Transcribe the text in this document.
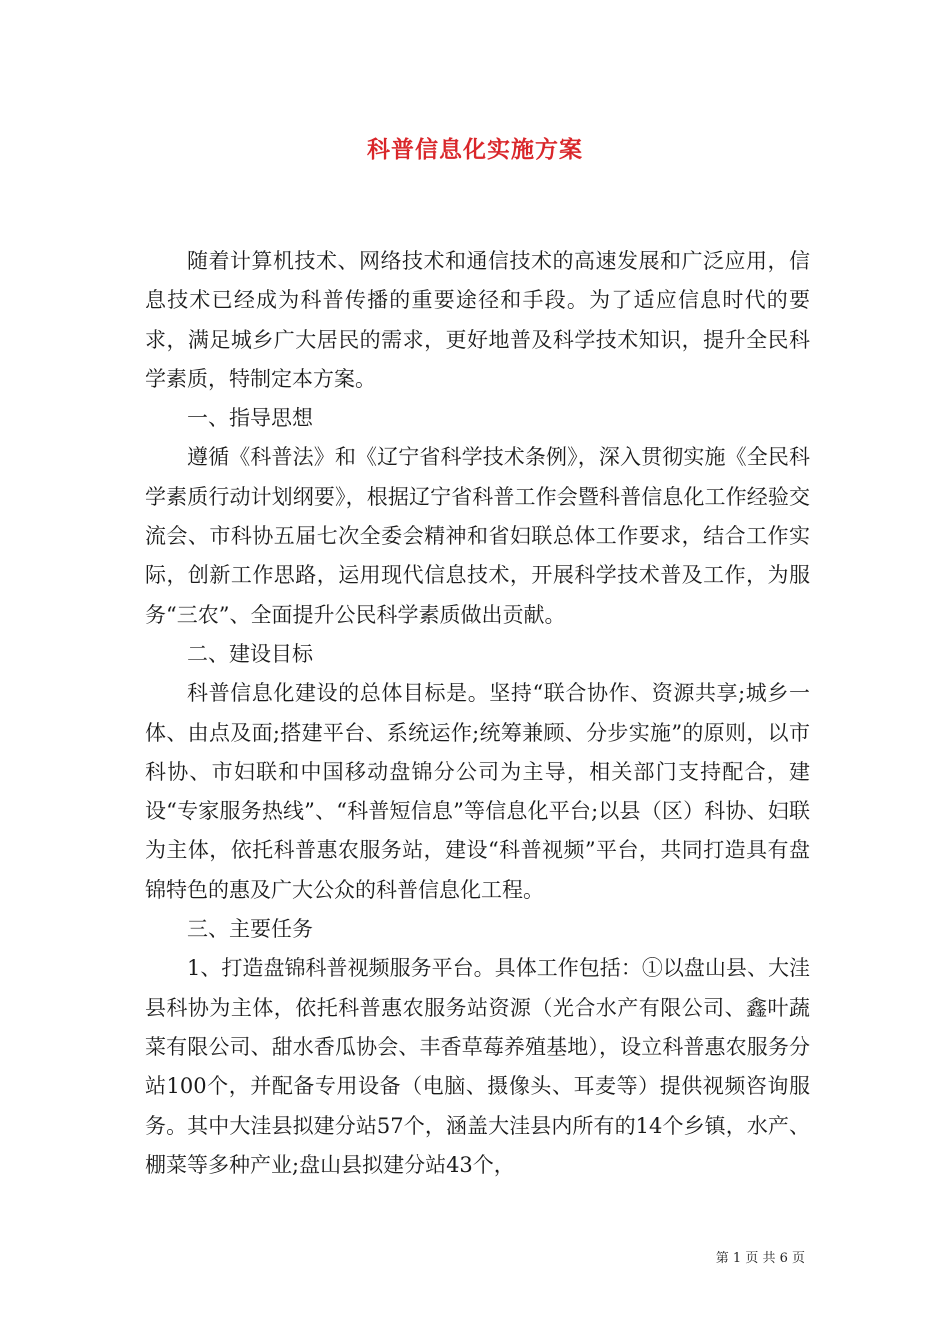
科普信息化实施方案

随着计算机技术、网络技术和通信技术的高速发展和广泛应用，信息技术已经成为科普传播的重要途径和手段。为了适应信息时代的要求，满足城乡广大居民的需求，更好地普及科学技术知识，提升全民科学素质，特制定本方案。

一、指导思想

遵循《科普法》和《辽宁省科学技术条例》，深入贯彻实施《全民科学素质行动计划纲要》，根据辽宁省科普工作会暨科普信息化工作经验交流会、市科协五届七次全委会精神和省妇联总体工作要求，结合工作实际，创新工作思路，运用现代信息技术，开展科学技术普及工作，为服务“三农”、全面提升公民科学素质做出贡献。

二、建设目标

科普信息化建设的总体目标是。坚持“联合协作、资源共享;城乡一体、由点及面;搭建平台、系统运作;统筹兼顾、分步实施”的原则，以市科协、市妇联和中国移动盘锦分公司为主导，相关部门支持配合，建设“专家服务热线”、“科普短信息”等信息化平台;以县（区）科协、妇联为主体，依托科普惠农服务站，建设“科普视频”平台，共同打造具有盘锦特色的惠及广大公众的科普信息化工程。

三、主要任务

1、打造盘锦科普视频服务平台。具体工作包括：①以盘山县、大洼县科协为主体，依托科普惠农服务站资源（光合水产有限公司、鑫叶蔬菜有限公司、甜水香瓜协会、丰香草莓养殖基地），设立科普惠农服务分站100个，并配备专用设备（电脑、摄像头、耳麦等）提供视频咨询服务。其中大洼县拟建分站57个，涵盖大洼县内所有的14个乡镇，水产、棚菜等多种产业;盘山县拟建分站43个，

第 1 页 共 6 页
